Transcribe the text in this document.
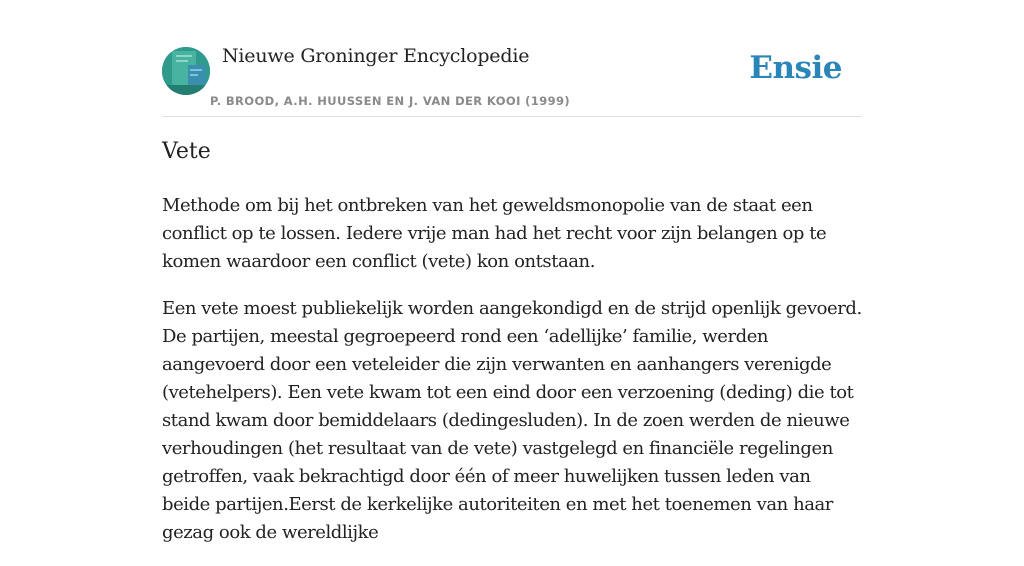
Nieuwe Groninger Encyclopedie
P. BROOD, A.H. HUUSSEN EN J. VAN DER KOOI (1999)
Ensie
Vete

Methode om bij het ontbreken van het geweldsmonopolie van de staat een conflict op te lossen. Iedere vrije man had het recht voor zijn belangen op te komen waardoor een conflict (vete) kon ontstaan.

Een vete moest publiekelijk worden aangekondigd en de strijd openlijk gevoerd. De partijen, meestal gegroepeerd rond een ‘adellijke’ familie, werden aangevoerd door een veteleider die zijn verwanten en aanhangers verenigde (vetehelpers). Een vete kwam tot een eind door een verzoening (deding) die tot stand kwam door bemiddelaars (dedingesluden). In de zoen werden de nieuwe verhoudingen (het resultaat van de vete) vastgelegd en financiële regelingen getroffen, vaak bekrachtigd door één of meer huwelijken tussen leden van beide partijen.Eerst de kerkelijke autoriteiten en met het toenemen van haar gezag ook de wereldlijke
